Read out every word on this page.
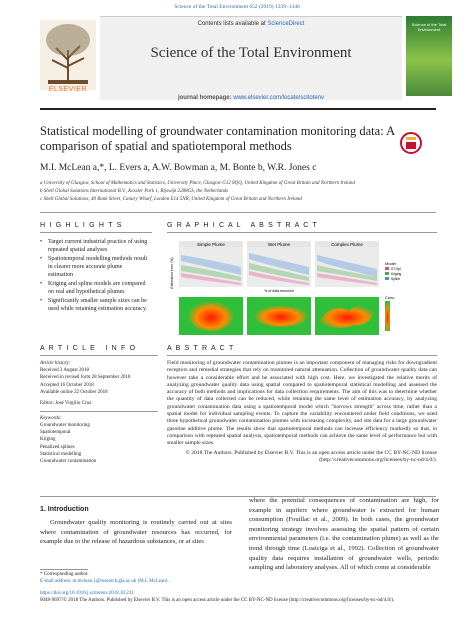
Science of the Total Environment 652 (2019) 1339–1346
ELSEVIER
Contents lists available at ScienceDirect
Science of the Total Environment
journal homepage: www.elsevier.com/locate/scitotenv
Science of the Total Environment
Statistical modelling of groundwater contamination monitoring data: A comparison of spatial and spatiotemporal methods
M.I. McLean a,*, L. Evers a, A.W. Bowman a, M. Bonte b, W.R. Jones c
a University of Glasgow, School of Mathematics and Statistics, University Place, Glasgow G12 8QQ, United Kingdom of Great Britain and Northern Ireland
b Shell Global Solutions International B.V., Kessler Park 1, Rijswijk 2288GS, the Netherlands
c Shell Global Solutions, 40 Bank Street, Canary Wharf, London E14 5NR, United Kingdom of Great Britain and Northern Ireland
H I G H L I G H T S
• Target current industrial practice of using repeated spatial analyses
• Spatiotemporal modelling methods result in clearer more accurate plume estimation
• Kriging and spline models are compared on real and hypothetical plumes
• Significantly smaller sample sizes can be used while retaining estimation accuracy.
G R A P H I C A L   A B S T R A C T
Estimation error (%)
Simple Plume	Wet Plume	Complex Plume
% of data removed
Model
ST-Spl
Kriging
Spline
Conc.
A R T I C L E   I N F O
Article history:
Received 3 August 2018
Received in revised form 28 September 2018
Accepted 16 October 2018
Available online 22 October 2018
Editor: José Virgilio Cruz
Keywords:
Groundwater monitoring
Spatiotemporal
Kriging
Penalized splines
Statistical modelling
Groundwater contamination
A B S T R A C T

Field monitoring of groundwater contamination plumes is an important component of managing risks for downgradient receptors and remedial strategies that rely on monitored natural attenuation. Collection of groundwater quality data can however take a considerable effort and be associated with high cost. Here, we investigated the relative merits of analyzing groundwater quality data using spatial compared to spatiotemporal statistical modelling and assessed the accuracy of both methods and implications for data collection requirements. The aim of this was to determine whether the quantity of data collected can be reduced, while retaining the same level of estimation accuracy, by analyzing groundwater contamination data using a spatiotemporal model which "borrows strength" across time, rather than a spatial model for individual sampling events. To capture the variability encountered under field conditions, we used three hypothetical groundwater contamination plumes with increasing complexity, and site data for a large groundwater gasoline additive plume. The results show that spatiotemporal methods can increase efficiency markedly so that, in comparison with repeated spatial analysis, spatiotemporal methods can achieve the same level of performance but with smaller sample sizes.

© 2018 The Authors. Published by Elsevier B.V. This is an open access article under the CC BY-NC-ND license (http://creativecommons.org/licenses/by-nc-nd/4.0/).

1. Introduction

Groundwater quality monitoring is routinely carried out at sites where contamination of groundwater resources has occurred, for example due to the release of hazardous substances, or at sites

where the potential consequences of contamination are high, for example in aquifers where groundwater is extracted for human consumption (Fouillac et al., 2009). In both cases, the groundwater monitoring strategy involves assessing the spatial pattern of certain environmental parameters (i.e. the contamination plume) as well as the trend through time (Loaiciga et al., 1992). Collection of groundwater quality data requires installation of groundwater wells, periodic sampling and laboratory analyses. All of which come at considerable

* Corresponding author.
E-mail address: m.mclean.1@research.gla.ac.uk (M.I. McLean).
https://doi.org/10.1016/j.scitotenv.2018.10.231
0048-9697/© 2018 The Authors. Published by Elsevier B.V. This is an open access article under the CC BY-NC-ND license (http://creativecommons.org/licenses/by-nc-nd/4.0/).
